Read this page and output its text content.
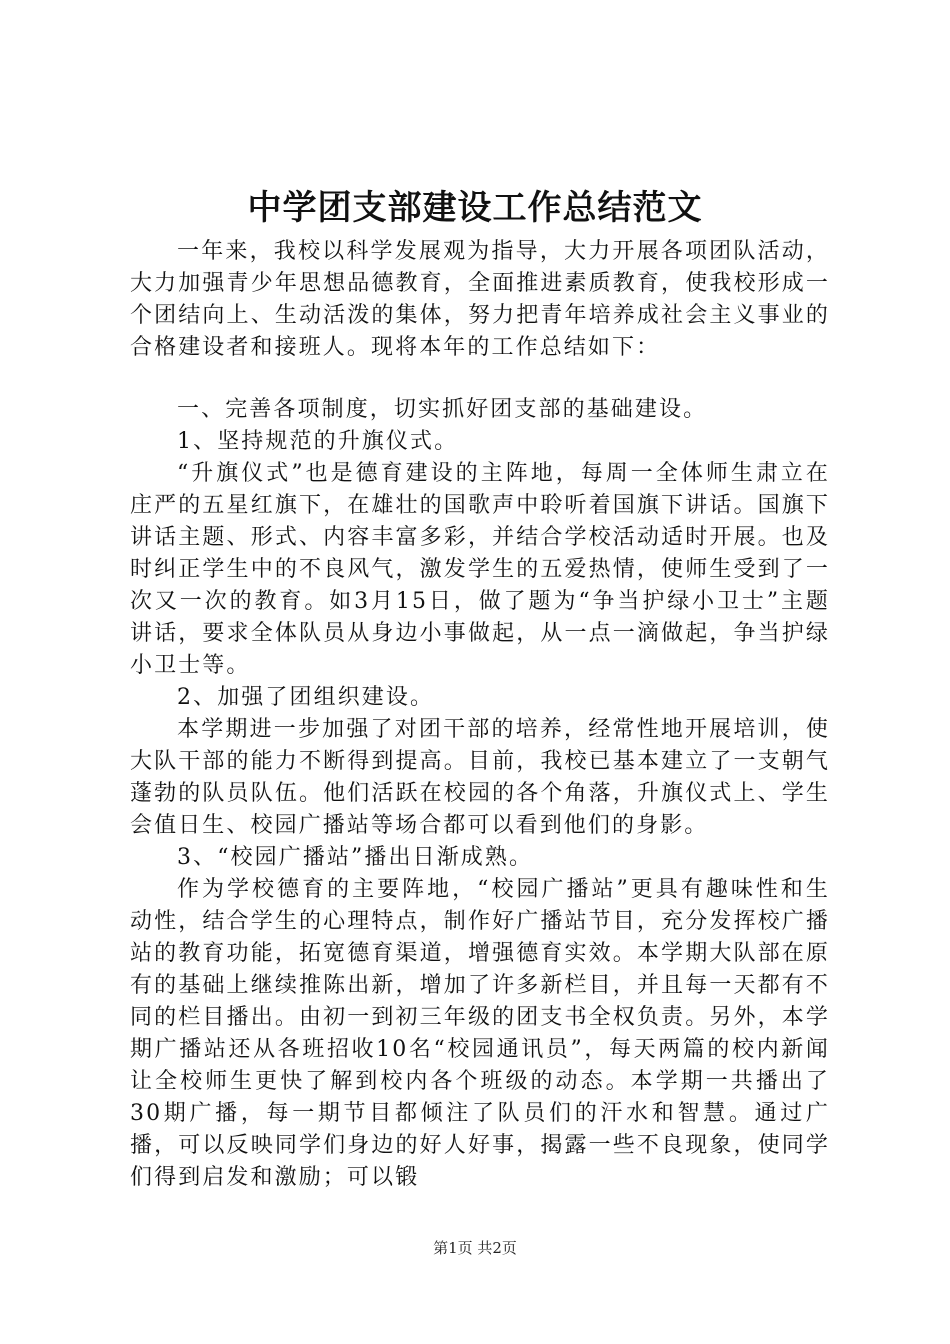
中学团支部建设工作总结范文

一年来，我校以科学发展观为指导，大力开展各项团队活动，大力加强青少年思想品德教育，全面推进素质教育，使我校形成一个团结向上、生动活泼的集体，努力把青年培养成社会主义事业的合格建设者和接班人。现将本年的工作总结如下：

一、完善各项制度，切实抓好团支部的基础建设。

1、坚持规范的升旗仪式。

“升旗仪式”也是德育建设的主阵地，每周一全体师生肃立在庄严的五星红旗下，在雄壮的国歌声中聆听着国旗下讲话。国旗下讲话主题、形式、内容丰富多彩，并结合学校活动适时开展。也及时纠正学生中的不良风气，激发学生的五爱热情，使师生受到了一次又一次的教育。如3月15日，做了题为“争当护绿小卫士”主题讲话，要求全体队员从身边小事做起，从一点一滴做起，争当护绿小卫士等。

2、加强了团组织建设。

本学期进一步加强了对团干部的培养，经常性地开展培训，使大队干部的能力不断得到提高。目前，我校已基本建立了一支朝气蓬勃的队员队伍。他们活跃在校园的各个角落，升旗仪式上、学生会值日生、校园广播站等场合都可以看到他们的身影。

3、“校园广播站”播出日渐成熟。

作为学校德育的主要阵地，“校园广播站”更具有趣味性和生动性，结合学生的心理特点，制作好广播站节目，充分发挥校广播站的教育功能，拓宽德育渠道，增强德育实效。本学期大队部在原有的基础上继续推陈出新，增加了许多新栏目，并且每一天都有不同的栏目播出。由初一到初三年级的团支书全权负责。另外，本学期广播站还从各班招收10名“校园通讯员”，每天两篇的校内新闻让全校师生更快了解到校内各个班级的动态。本学期一共播出了30期广播，每一期节目都倾注了队员们的汗水和智慧。通过广播，可以反映同学们身边的好人好事，揭露一些不良现象，使同学们得到启发和激励；可以锻

第1页 共2页
